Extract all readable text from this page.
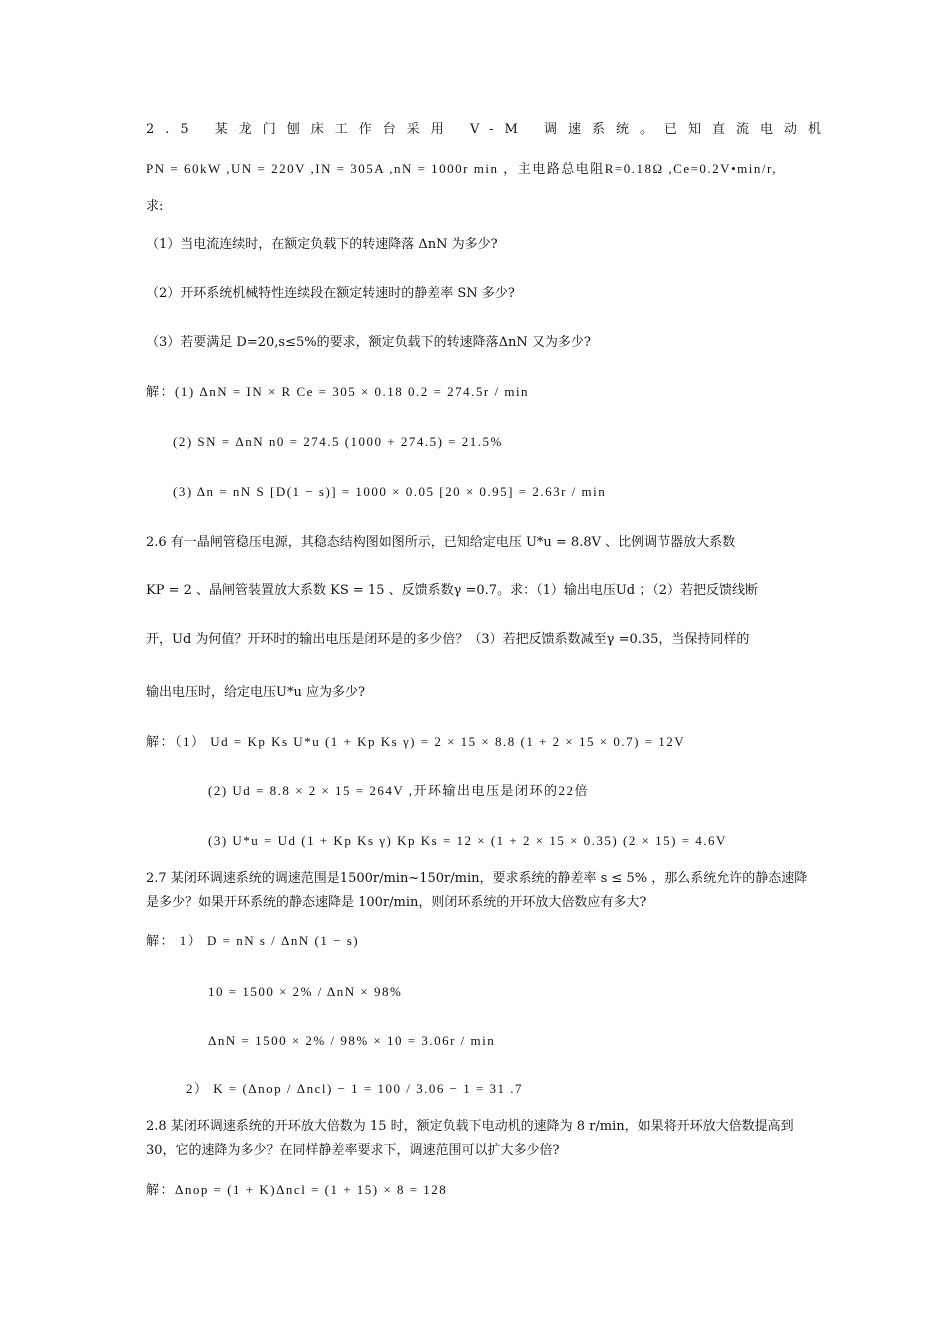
2.5 某龙门刨床工作台采用 V-M 调速系统。已知直流电动机
PN = 60kW ,UN = 220V ,IN = 305A ,nN = 1000r min ，主电路总电阻R=0.18Ω ,Ce=0.2V•min/r,
求:
（1）当电流连续时，在额定负载下的转速降落 ΔnN 为多少?
（2）开环系统机械特性连续段在额定转速时的静差率 SN 多少?
（3）若要满足 D=20,s≤5%的要求，额定负载下的转速降落ΔnN 又为多少?
解：(1) ΔnN = IN × R Ce = 305 × 0.18 0.2 = 274.5r / min
(2) SN = ΔnN n0 = 274.5 (1000 + 274.5) = 21.5%
(3) Δn = nN S [D(1 − s)] = 1000 × 0.05 [20 × 0.95] = 2.63r / min
2.6 有一晶闸管稳压电源，其稳态结构图如图所示，已知给定电压 U*u = 8.8V 、比例调节器放大系数
KP = 2 、晶闸管装置放大系数 KS = 15 、反馈系数γ =0.7。求：（1）输出电压Ud ；（2）若把反馈线断
开，Ud 为何值？开环时的输出电压是闭环是的多少倍？（3）若把反馈系数减至γ =0.35，当保持同样的
输出电压时，给定电压U*u 应为多少?
解：（1） Ud = Kp Ks U*u (1 + Kp Ks γ) = 2 × 15 × 8.8 (1 + 2 × 15 × 0.7) = 12V
(2) Ud = 8.8 × 2 × 15 = 264V ,开环输出电压是闭环的22倍
(3) U*u = Ud (1 + Kp Ks γ) Kp Ks = 12 × (1 + 2 × 15 × 0.35) (2 × 15) = 4.6V
2.7 某闭环调速系统的调速范围是1500r/min~150r/min，要求系统的静差率 s ≤ 5% ，那么系统允许的静态速降是多少？如果开环系统的静态速降是 100r/min，则闭环系统的开环放大倍数应有多大?
解： 1） D = nN s / ΔnN (1 − s)
10 = 1500 × 2% / ΔnN × 98%
ΔnN = 1500 × 2% / 98% × 10 = 3.06r / min
2） K = (Δnop / Δncl) − 1 = 100 / 3.06 − 1 = 31 .7
2.8 某闭环调速系统的开环放大倍数为 15 时，额定负载下电动机的速降为 8 r/min，如果将开环放大倍数提高到 30，它的速降为多少？在同样静差率要求下，调速范围可以扩大多少倍?
解：Δnop = (1 + K)Δncl = (1 + 15) × 8 = 128
